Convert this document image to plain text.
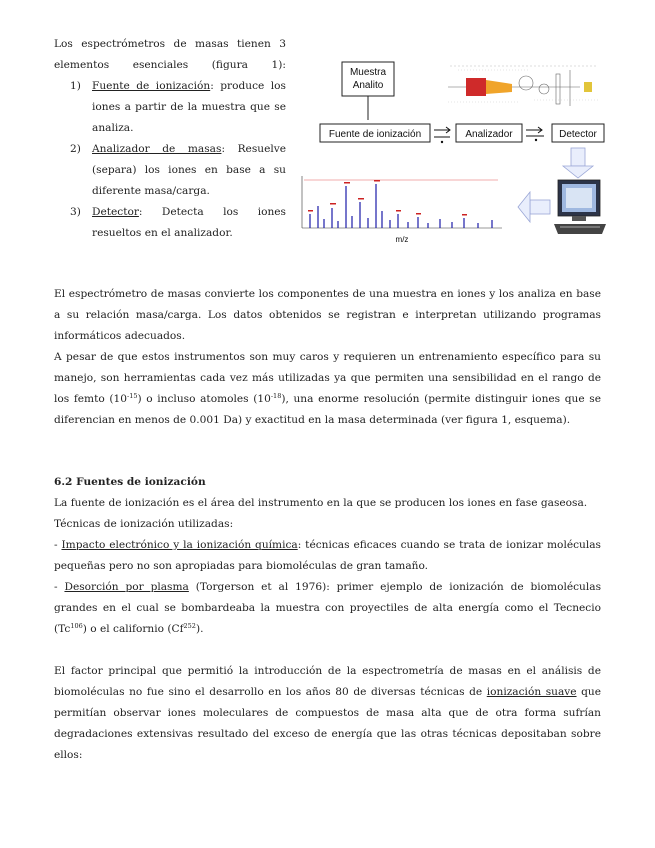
Los espectrómetros de masas tienen 3 elementos esenciales (figura 1):
1) Fuente de ionización: produce los iones a partir de la muestra que se analiza.
2) Analizador de masas: Resuelve (separa) los iones en base a su diferente masa/carga.
3) Detector: Detecta los iones resueltos en el analizador.
Muestra
Analito
Fuente de ionización	Analizador	Detector
m/z
El espectrómetro de masas convierte los componentes de una muestra en iones y los analiza en base a su relación masa/carga. Los datos obtenidos se registran e interpretan utilizando programas informáticos adecuados.
A pesar de que estos instrumentos son muy caros y requieren un entrenamiento específico para su manejo, son herramientas cada vez más utilizadas ya que permiten una sensibilidad en el rango de los femto $(10^{-15})$ o incluso atomoles $(10^{-18})$, una enorme resolución (permite distinguir iones que se diferencian en menos de 0.001 Da) y exactitud en la masa determinada (ver figura 1, esquema).
6.2 Fuentes de ionización
La fuente de ionización es el área del instrumento en la que se producen los iones en fase gaseosa.
Técnicas de ionización utilizadas:
- Impacto electrónico y la ionización química: técnicas eficaces cuando se trata de ionizar moléculas pequeñas pero no son apropiadas para biomoléculas de gran tamaño.
- Desorción por plasma (Torgerson et al 1976): primer ejemplo de ionización de biomoléculas grandes en el cual se bombardeaba la muestra con proyectiles de alta energía como el Tecnecio (Tc$^{106}$) o el californio (Cf$^{252}$).
El factor principal que permitió la introducción de la espectrometría de masas en el análisis de biomoléculas no fue sino el desarrollo en los años 80 de diversas técnicas de ionización suave que permitían observar iones moleculares de compuestos de masa alta que de otra forma sufrían degradaciones extensivas resultado del exceso de energía que las otras técnicas depositaban sobre ellos:
